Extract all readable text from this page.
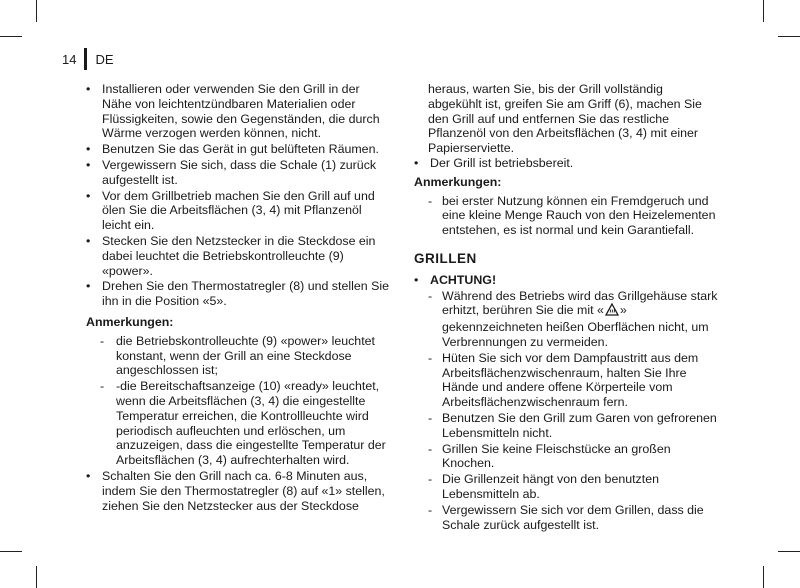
14 DE
• Installieren oder verwenden Sie den Grill in der Nähe von leichtentzündbaren Materialien oder Flüssigkeiten, sowie den Gegenständen, die durch Wärme verzogen werden können, nicht.
• Benutzen Sie das Gerät in gut belüfteten Räumen.
• Vergewissern Sie sich, dass die Schale (1) zurück aufgestellt ist.
• Vor dem Grillbetrieb machen Sie den Grill auf und ölen Sie die Arbeitsflächen (3, 4) mit Pflanzenöl leicht ein.
• Stecken Sie den Netzstecker in die Steckdose ein dabei leuchtet die Betriebskontrolleuchte (9) «power».
• Drehen Sie den Thermostatregler (8) und stellen Sie ihn in die Position «5».
Anmerkungen:
- die Betriebskontrolleuchte (9) «power» leuchtet konstant, wenn der Grill an eine Steckdose angeschlossen ist;
- -die Bereitschaftsanzeige (10) «ready» leuchtet, wenn die Arbeitsflächen (3, 4) die eingestellte Temperatur erreichen, die Kontrollleuchte wird periodisch aufleuchten und erlöschen, um anzuzeigen, dass die eingestellte Temperatur der Arbeitsflächen (3, 4) aufrechterhalten wird.
• Schalten Sie den Grill nach ca. 6-8 Minuten aus, indem Sie den Thermostatregler (8) auf «1» stellen, ziehen Sie den Netzstecker aus der Steckdose
heraus, warten Sie, bis der Grill vollständig abgekühlt ist, greifen Sie am Griff (6), machen Sie den Grill auf und entfernen Sie das restliche Pflanzenöl von den Arbeitsflächen (3, 4) mit einer Papierserviette.
• Der Grill ist betriebsbereit.
Anmerkungen:
- bei erster Nutzung können ein Fremdgeruch und eine kleine Menge Rauch von den Heizelementen entstehen, es ist normal und kein Garantiefall.
GRILLEN
• ACHTUNG!
- Während des Betriebs wird das Grillgehäuse stark erhitzt, berühren Sie die mit « » gekennzeichneten heißen Oberflächen nicht, um Verbrennungen zu vermeiden.
- Hüten Sie sich vor dem Dampfaustritt aus dem Arbeitsflächenzwischenraum, halten Sie Ihre Hände und andere offene Körperteile vom Arbeitsflächenzwischenraum fern.
- Benutzen Sie den Grill zum Garen von gefrorenen Lebensmitteln nicht.
- Grillen Sie keine Fleischstücke an großen Knochen.
- Die Grillenzeit hängt von den benutzten Lebensmitteln ab.
- Vergewissern Sie sich vor dem Grillen, dass die Schale zurück aufgestellt ist.
